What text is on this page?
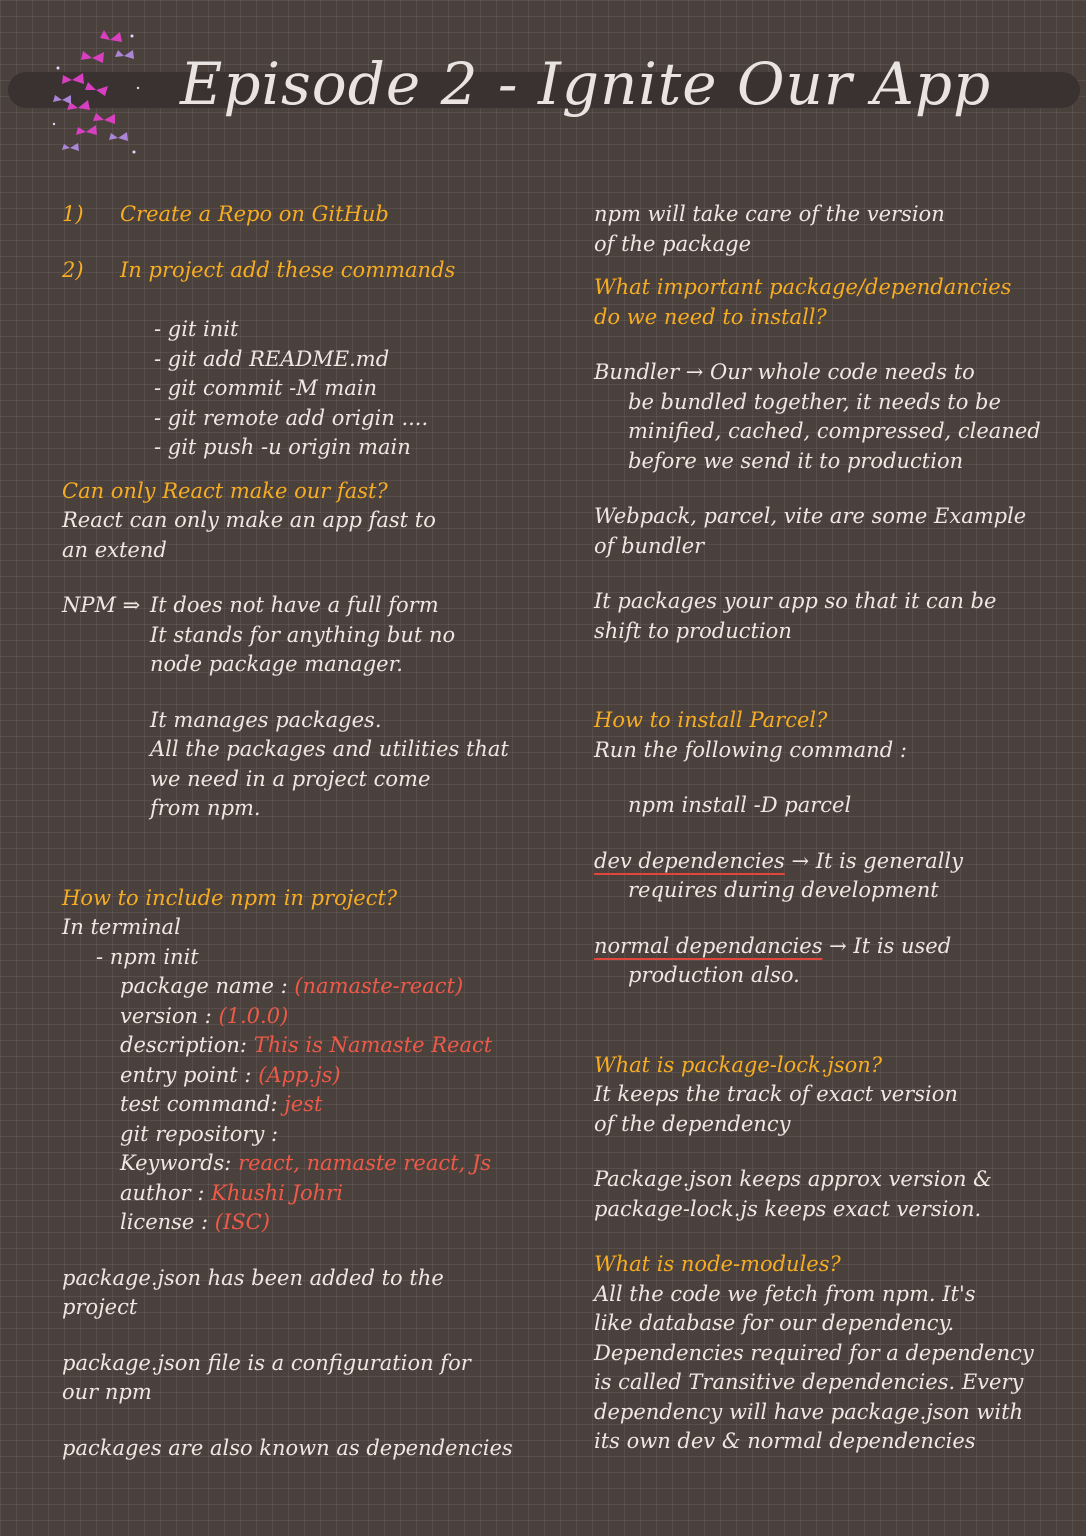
Episode 2 - Ignite Our App
1)	Create a Repo on GitHub
2)	In project add these commands
- git init
- git add README.md
- git commit -M main
- git remote add origin ....
- git push -u origin main
Can only React make our fast?
React can only make an app fast to
an extend
NPM ⇒ It does not have a full form
It stands for anything but no
node package manager.
It manages packages.
All the packages and utilities that
we need in a project come
from npm.
How to include npm in project?
In terminal
- npm init
package name : (namaste-react)
version : (1.0.0)
description: This is Namaste React
entry point : (App.js)
test command: jest
git repository :
Keywords: react, namaste react, Js
author : Khushi Johri
license : (ISC)
package.json has been added to the
project
package.json file is a configuration for
our npm
packages are also known as dependencies
npm will take care of the version
of the package
What important package/dependancies
do we need to install?
Bundler → Our whole code needs to
be bundled together, it needs to be
minified, cached, compressed, cleaned
before we send it to production
Webpack, parcel, vite are some Example
of bundler
It packages your app so that it can be
shift to production
How to install Parcel?
Run the following command :
npm install -D parcel
dev dependencies → It is generally
requires during development
normal dependancies → It is used
production also.
What is package-lock.json?
It keeps the track of exact version
of the dependency
Package.json keeps approx version &
package-lock.js keeps exact version.
What is node-modules?
All the code we fetch from npm. It's
like database for our dependency.
Dependencies required for a dependency
is called Transitive dependencies. Every
dependency will have package.json with
its own dev & normal dependencies
